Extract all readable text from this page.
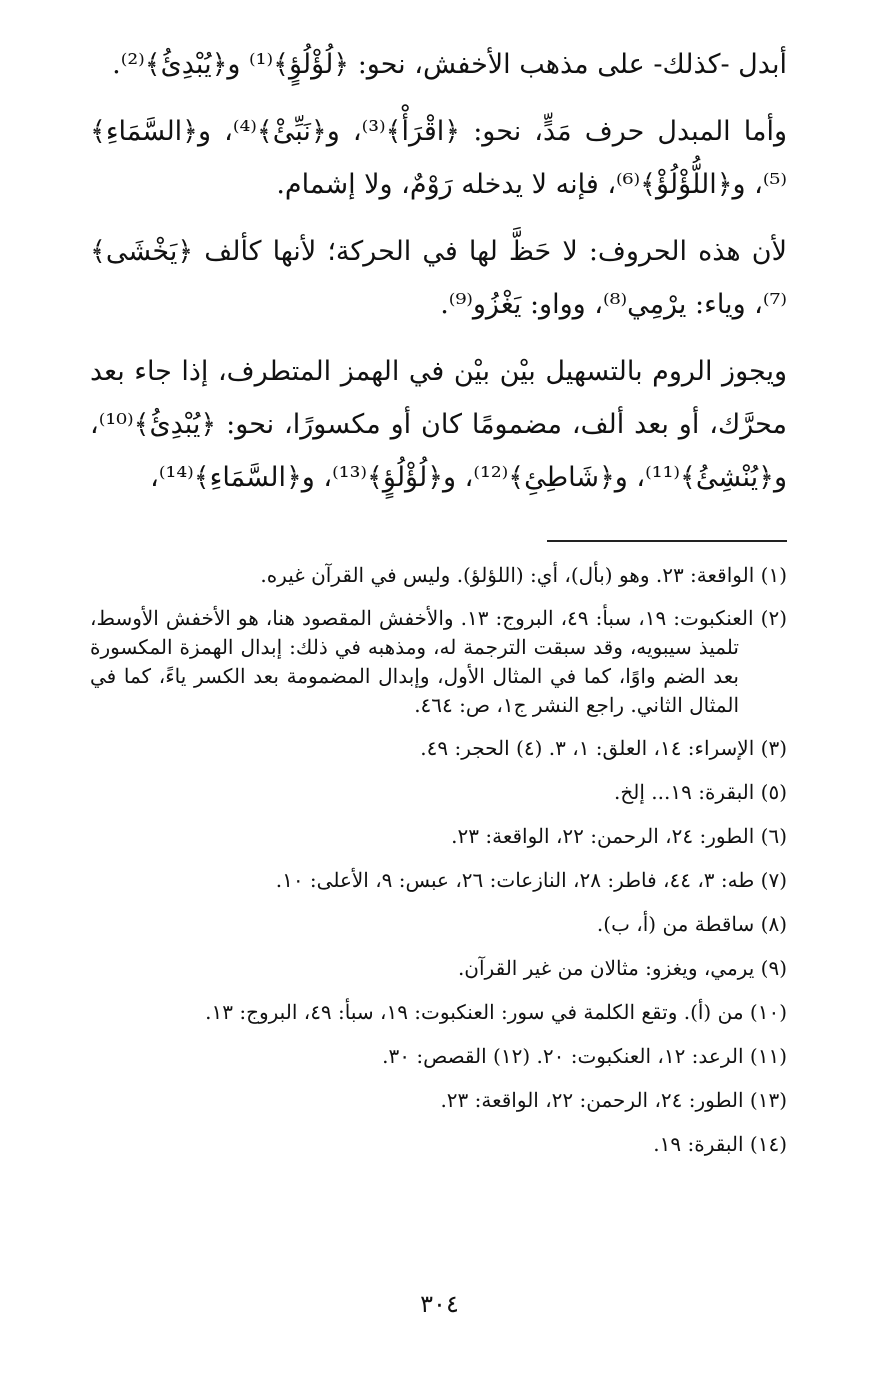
أبدل -كذلك- على مذهب الأخفش، نحو: ﴿لُؤْلُؤٍ﴾⁽¹⁾ و﴿يُبْدِئُ﴾⁽²⁾.

وأما المبدل حرف مَدٍّ، نحو: ﴿اقْرَأْ﴾⁽³⁾، و﴿نَبِّئْ﴾⁽⁴⁾، و﴿السَّمَاءِ﴾⁽⁵⁾، و﴿اللُّؤْلُؤْ﴾⁽⁶⁾، فإنه لا يدخله رَوْمٌ، ولا إشمام.

لأن هذه الحروف: لا حَظَّ لها في الحركة؛ لأنها كألف ﴿يَخْشَى﴾⁽⁷⁾، وياء: يرْمِي⁽⁸⁾، وواو: يَغْزُو⁽⁹⁾.

ويجوز الروم بالتسهيل بيْن بيْن في الهمز المتطرف، إذا جاء بعد محرَّك، أو بعد ألف، مضمومًا كان أو مكسورًا، نحو: ﴿يُبْدِئُ﴾⁽¹⁰⁾، و﴿يُنْشِئُ﴾⁽¹¹⁾، و﴿شَاطِئِ﴾⁽¹²⁾، و﴿لُؤْلُؤٍ﴾⁽¹³⁾، و﴿السَّمَاءِ﴾⁽¹⁴⁾،

(١) الواقعة: ٢٣. وهو (بأل)، أي: (اللؤلؤ). وليس في القرآن غيره.

(٢) العنكبوت: ١٩، سبأ: ٤٩، البروج: ١٣. والأخفش المقصود هنا، هو الأخفش الأوسط، تلميذ سيبويه، وقد سبقت الترجمة له، ومذهبه في ذلك: إبدال الهمزة المكسورة بعد الضم واوًا، كما في المثال الأول، وإبدال المضمومة بعد الكسر ياءً، كما في المثال الثاني. راجع النشر ج١، ص: ٤٦٤.

(٣) الإسراء: ١٤، العلق: ١، ٣. (٤) الحجر: ٤٩.

(٥) البقرة: ١٩... إلخ.

(٦) الطور: ٢٤، الرحمن: ٢٢، الواقعة: ٢٣.

(٧) طه: ٣، ٤٤، فاطر: ٢٨، النازعات: ٢٦، عبس: ٩، الأعلى: ١٠.

(٨) ساقطة من (أ، ب).

(٩) يرمي، ويغزو: مثالان من غير القرآن.

(١٠) من (أ). وتقع الكلمة في سور: العنكبوت: ١٩، سبأ: ٤٩، البروج: ١٣.

(١١) الرعد: ١٢، العنكبوت: ٢٠. (١٢) القصص: ٣٠.

(١٣) الطور: ٢٤، الرحمن: ٢٢، الواقعة: ٢٣.

(١٤) البقرة: ١٩.

٣٠٤
